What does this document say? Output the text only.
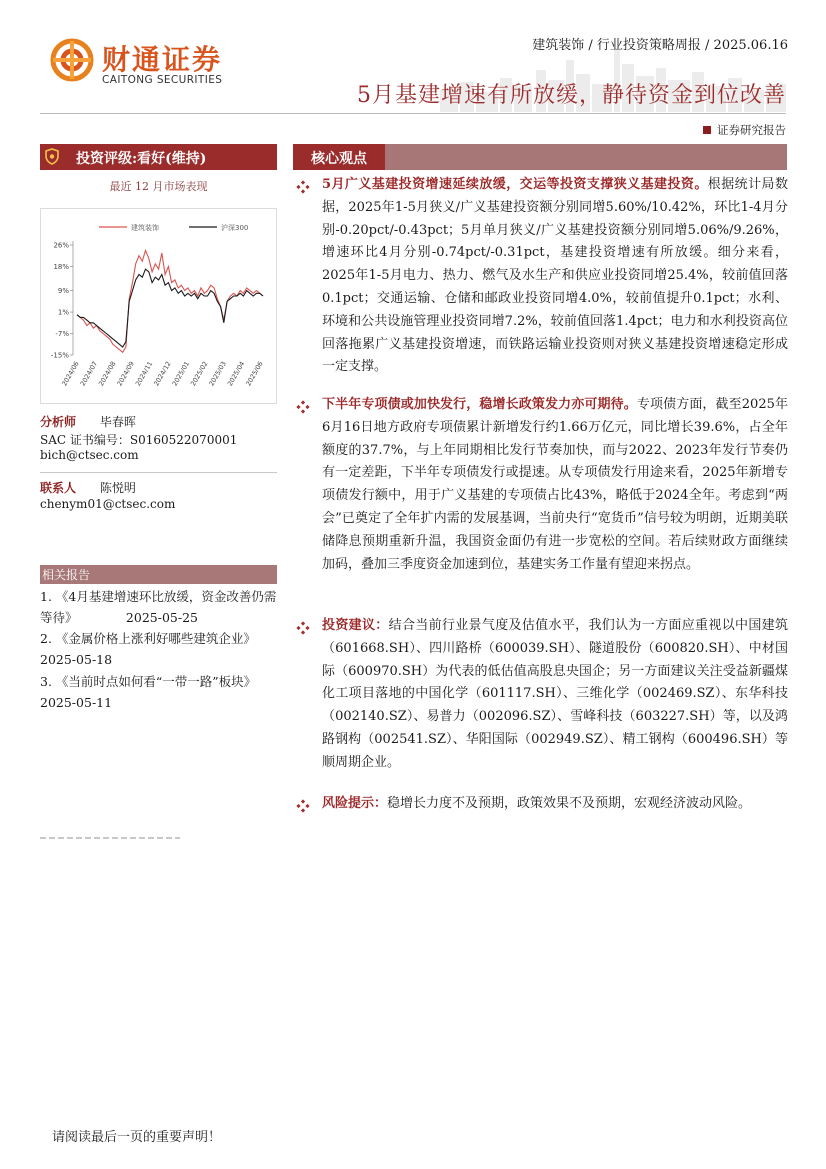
财通证券
CAITONG SECURITIES
建筑装饰 / 行业投资策略周报 / 2025.06.16
5月基建增速有所放缓，静待资金到位改善
证券研究报告
投资评级:看好(维持)
最近 12 月市场表现
建筑装饰	沪深300
26%
18%
9%
1%
-7%
-15%
2024/06
2024/07
2024/08
2024/09
2024/11
2024/12
2025/01
2025/02
2025/03
2025/04
2025/06
分析师 毕春晖
SAC 证书编号：S0160522070001
bich@ctsec.com
联系人 陈悦明
chenym01@ctsec.com
相关报告
1. 《4月基建增速环比放缓，资金改善仍需等待》	2025-05-25
2. 《金属价格上涨利好哪些建筑企业》
2025-05-18
3. 《当前时点如何看“一带一路”板块》
2025-05-11
核心观点
5月广义基建投资增速延续放缓，交运等投资支撑狭义基建投资。根据统计局数据，2025年1-5月狭义/广义基建投资额分别同增5.60%/10.42%，环比1-4月分别-0.20pct/-0.43pct；5月单月狭义/广义基建投资额分别同增5.06%/9.26%，增速环比4月分别-0.74pct/-0.31pct，基建投资增速有所放缓。细分来看，2025年1-5月电力、热力、燃气及水生产和供应业投资同增25.4%，较前值回落0.1pct；交通运输、仓储和邮政业投资同增4.0%，较前值提升0.1pct；水利、环境和公共设施管理业投资同增7.2%，较前值回落1.4pct；电力和水利投资高位回落拖累广义基建投资增速，而铁路运输业投资则对狭义基建投资增速稳定形成一定支撑。
下半年专项债或加快发行，稳增长政策发力亦可期待。专项债方面，截至2025年6月16日地方政府专项债累计新增发行约1.66万亿元，同比增长39.6%，占全年额度的37.7%，与上年同期相比发行节奏加快，而与2022、2023年发行节奏仍有一定差距，下半年专项债发行或提速。从专项债发行用途来看，2025年新增专项债发行额中，用于广义基建的专项债占比43%，略低于2024全年。考虑到“两会”已奠定了全年扩内需的发展基调，当前央行“宽货币”信号较为明朗，近期美联储降息预期重新升温，我国资金面仍有进一步宽松的空间。若后续财政方面继续加码，叠加三季度资金加速到位，基建实务工作量有望迎来拐点。
投资建议：结合当前行业景气度及估值水平，我们认为一方面应重视以中国建筑（601668.SH）、四川路桥（600039.SH）、隧道股份（600820.SH）、中材国际（600970.SH）为代表的低估值高股息央国企；另一方面建议关注受益新疆煤化工项目落地的中国化学（601117.SH）、三维化学（002469.SZ）、东华科技（002140.SZ）、易普力（002096.SZ）、雪峰科技（603227.SH）等，以及鸿路钢构（002541.SZ）、华阳国际（002949.SZ）、精工钢构（600496.SH）等顺周期企业。
风险提示：稳增长力度不及预期，政策效果不及预期，宏观经济波动风险。
请阅读最后一页的重要声明！
